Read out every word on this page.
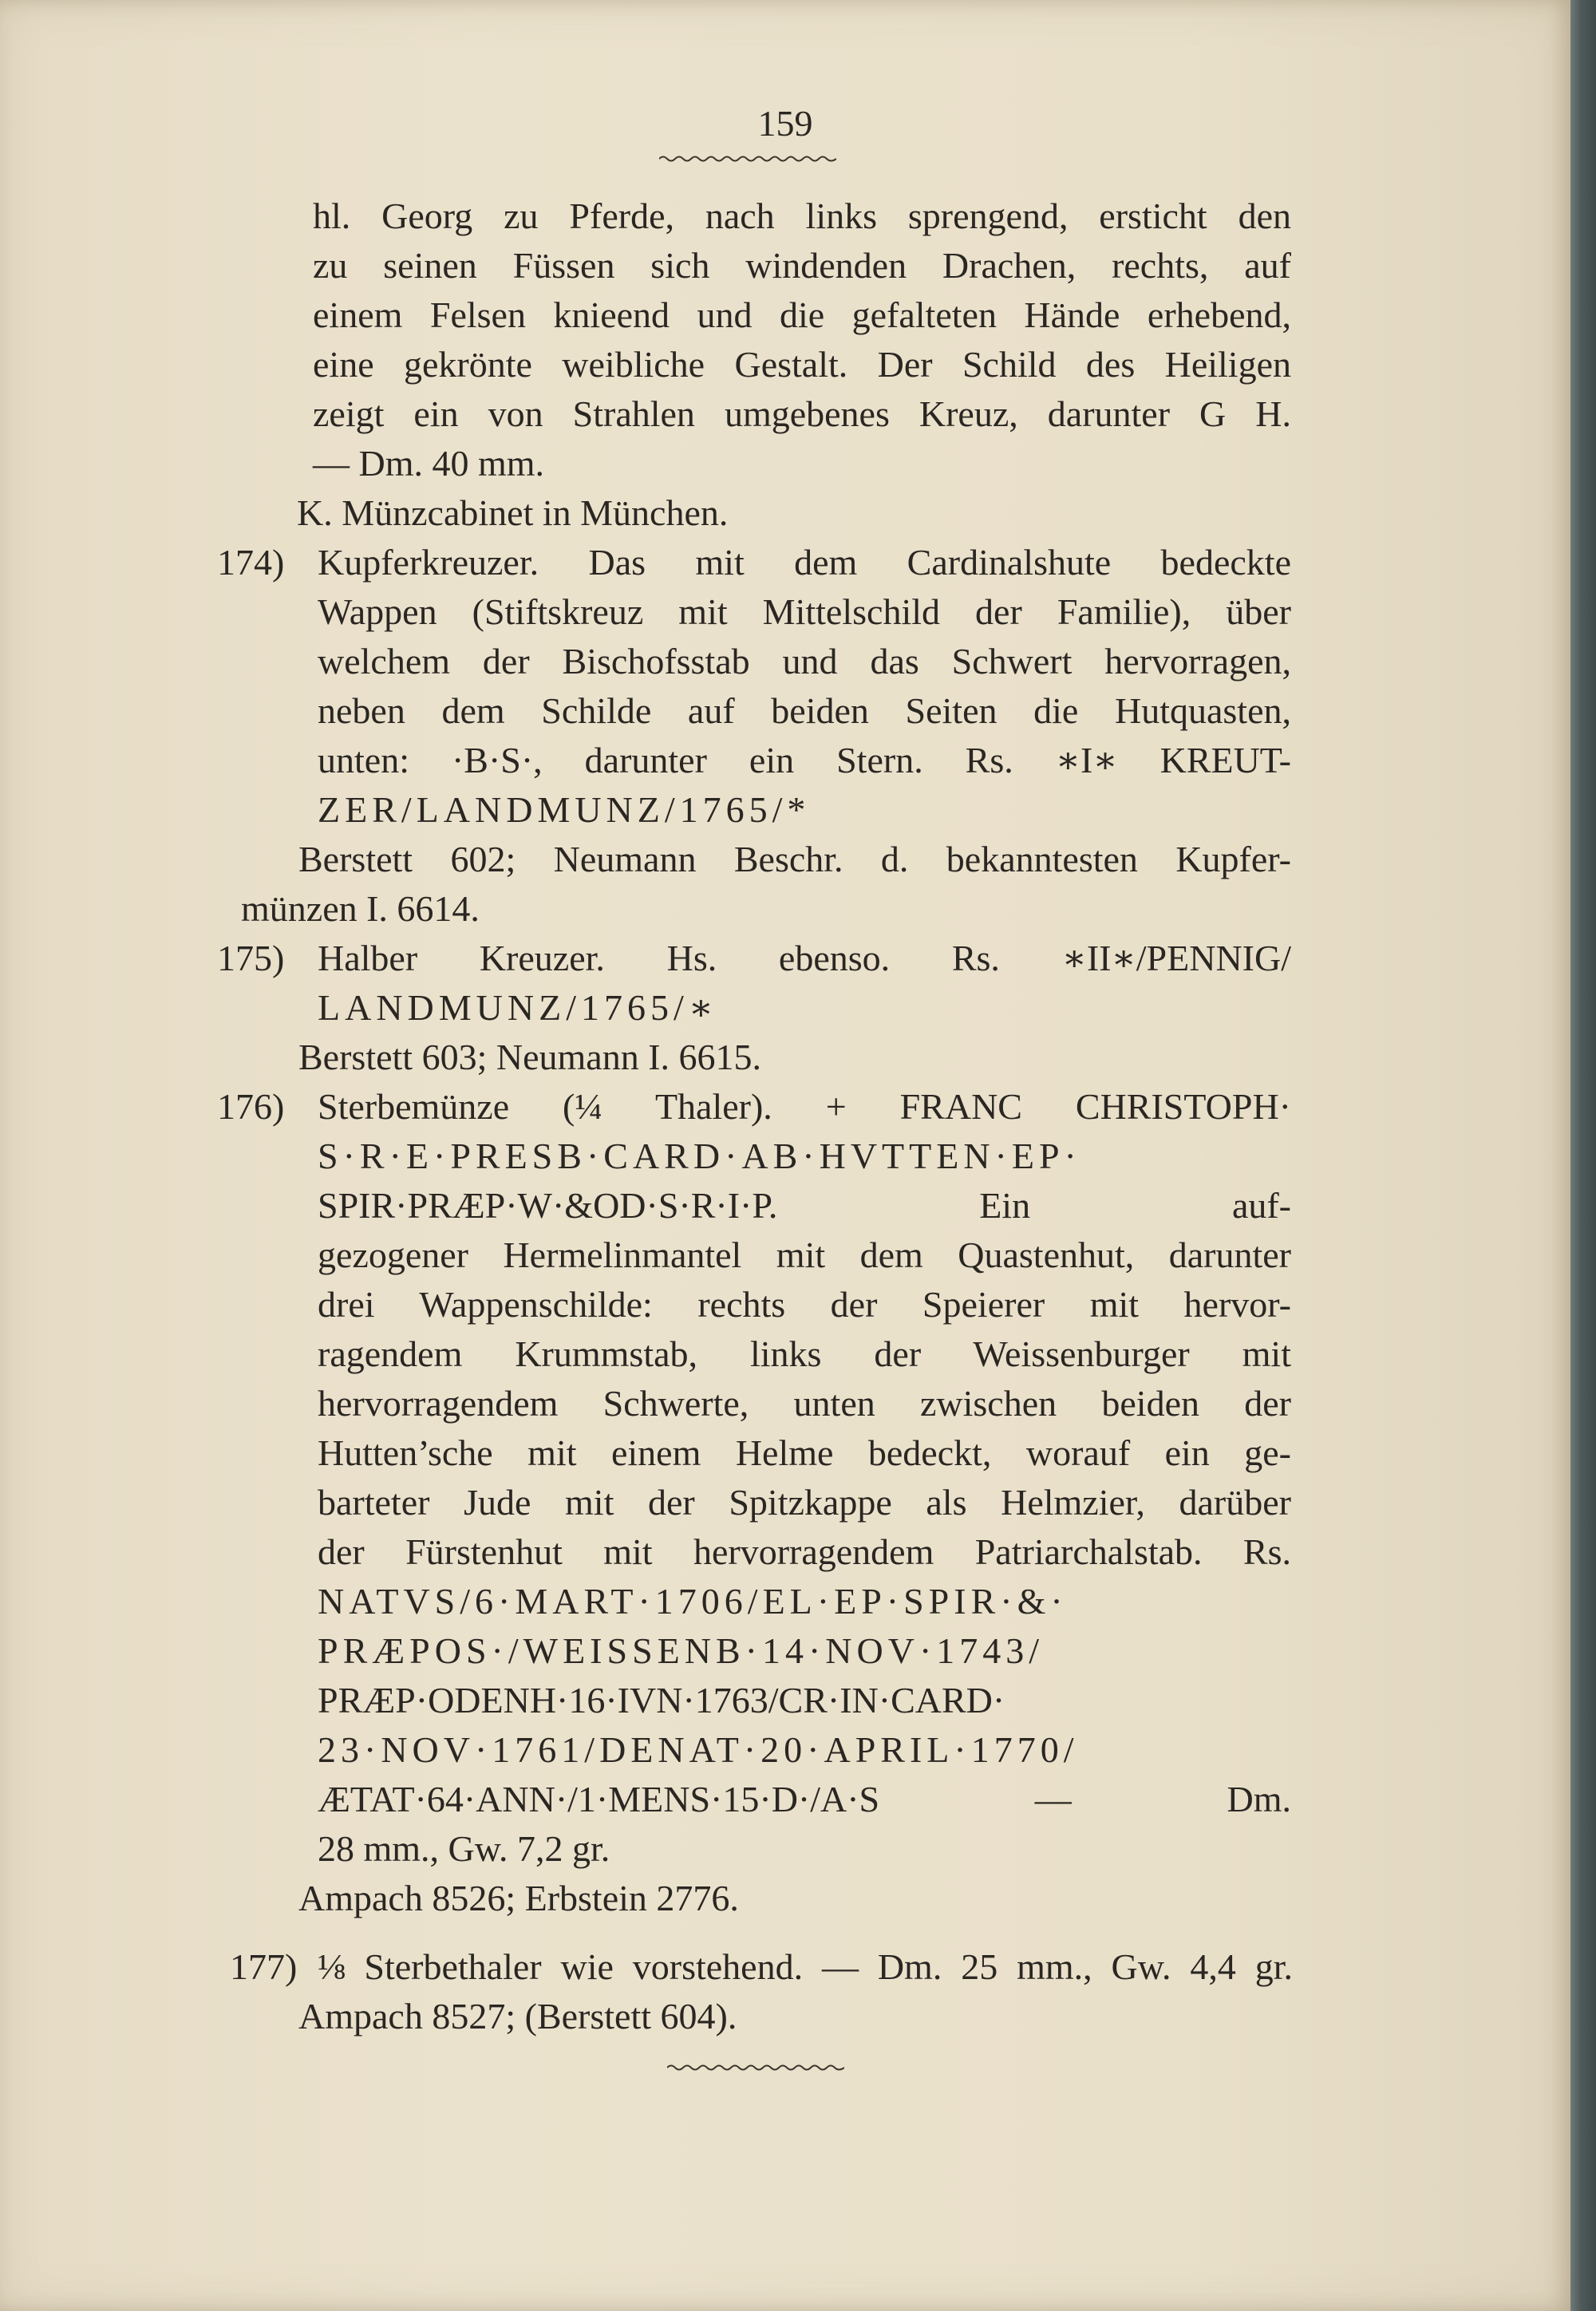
159
hl. Georg zu Pferde, nach links sprengend, ersticht den
zu seinen Füssen sich windenden Drachen, rechts, auf
einem Felsen knieend und die gefalteten Hände erhebend,
eine gekrönte weibliche Gestalt. Der Schild des Heiligen
zeigt ein von Strahlen umgebenes Kreuz, darunter G H.
— Dm. 40 mm.
K. Münzcabinet in München.
174) Kupferkreuzer. Das mit dem Cardinalshute bedeckte
Wappen (Stiftskreuz mit Mittelschild der Familie), über
welchem der Bischofsstab und das Schwert hervorragen,
neben dem Schilde auf beiden Seiten die Hutquasten,
unten: ·B·S·, darunter ein Stern. Rs. ∗I∗ KREUT-
ZER/LANDMUNZ/1765/*
Berstett 602; Neumann Beschr. d. bekanntesten Kupfer-
münzen I. 6614.
175) Halber Kreuzer. Hs. ebenso. Rs. ∗II∗/PENNIG/
LANDMUNZ/1765/∗
Berstett 603; Neumann I. 6615.
176) Sterbemünze (¼ Thaler). + FRANC CHRISTOPH·
S·R·E·PRESB·CARD·AB·HVTTEN·EP·
SPIR·PRÆP·W·&OD·S·R·I·P. Ein auf-
gezogener Hermelinmantel mit dem Quastenhut, darunter
drei Wappenschilde: rechts der Speierer mit hervor-
ragendem Krummstab, links der Weissenburger mit
hervorragendem Schwerte, unten zwischen beiden der
Hutten’sche mit einem Helme bedeckt, worauf ein ge-
barteter Jude mit der Spitzkappe als Helmzier, darüber
der Fürstenhut mit hervorragendem Patriarchalstab. Rs.
NATVS/6·MART·1706/EL·EP·SPIR·&·
PRÆPOS·/WEISSENB·14·NOV·1743/
PRÆP·ODENH·16·IVN·1763/CR·IN·CARD·
23·NOV·1761/DENAT·20·APRIL·1770/
ÆTAT·64·ANN·/1·MENS·15·D·/A·S — Dm.
28 mm., Gw. 7,2 gr.
Ampach 8526; Erbstein 2776.
177) ⅛ Sterbethaler wie vorstehend. — Dm. 25 mm., Gw. 4,4 gr.
Ampach 8527; (Berstett 604).
